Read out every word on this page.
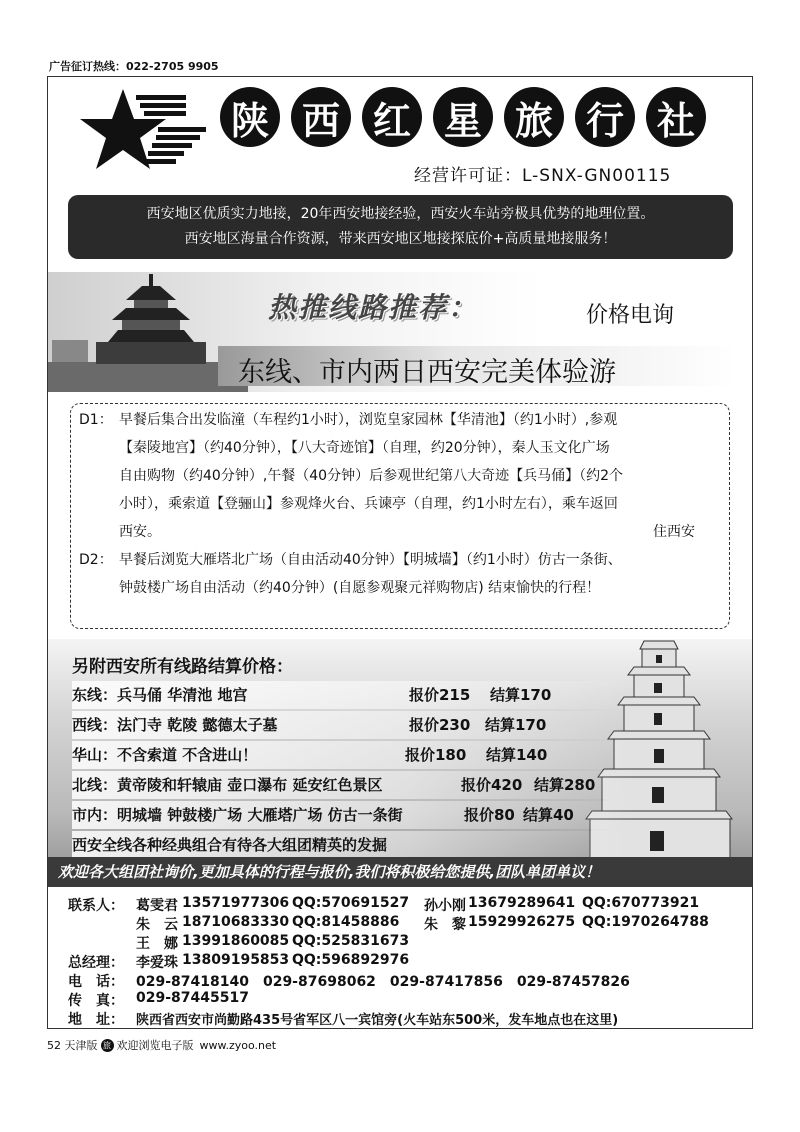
广告征订热线：022-2705 9905
陕 西 红 星 旅 行 社
经营许可证：L-SNX-GN00115
西安地区优质实力地接，20年西安地接经验，西安火车站旁极具优势的地理位置。
西安地区海量合作资源，带来西安地区地接探底价+高质量地接服务！
热推线路推荐：	价格电询
东线、市内两日西安完美体验游

D1： 早餐后集合出发临潼（车程约1小时），浏览皇家园林【华清池】（约1小时）,参观

【秦陵地宫】（约40分钟），【八大奇迹馆】（自理，约20分钟），秦人玉文化广场

自由购物（约40分钟）,午餐（40分钟）后参观世纪第八大奇迹【兵马俑】（约2个

小时），乘索道【登骊山】参观烽火台、兵谏亭（自理，约1小时左右），乘车返回

西安。	住西安

D2： 早餐后浏览大雁塔北广场（自由活动40分钟）【明城墙】（约1小时）仿古一条街、

钟鼓楼广场自由活动（约40分钟）(自愿参观聚元祥购物店) 结束愉快的行程！

另附西安所有线路结算价格：
东线：兵马俑 华清池 地宫	报价215 结算170
西线：法门寺 乾陵 懿德太子墓	报价230 结算170
华山：不含索道 不含进山！	报价180 结算140
北线：黄帝陵和轩辕庙 壶口瀑布 延安红色景区	报价420 结算280
市内：明城墙 钟鼓楼广场 大雁塔广场 仿古一条街	报价80 结算40
西安全线各种经典组合有待各大组团精英的发掘
欢迎各大组团社询价,更加具体的行程与报价,我们将积极给您提供,团队单团单议！
联系人： 葛雯君 13571977306 QQ:570691527 孙小刚 13679289641 QQ:670773921
朱　云 18710683330 QQ:81458886 朱　黎 15929926275 QQ:1970264788
王　娜 13991860085 QQ:525831673
总经理： 李爱珠 13809195853 QQ:596892976
电　话： 029-87418140　029-87698062　029-87417856　029-87457826
传　真： 029-87445517
地　址： 陕西省西安市尚勤路435号省军区八一宾馆旁(火车站东500米，发车地点也在这里)
52 天津版 旅 欢迎浏览电子版 www.zyoo.net
